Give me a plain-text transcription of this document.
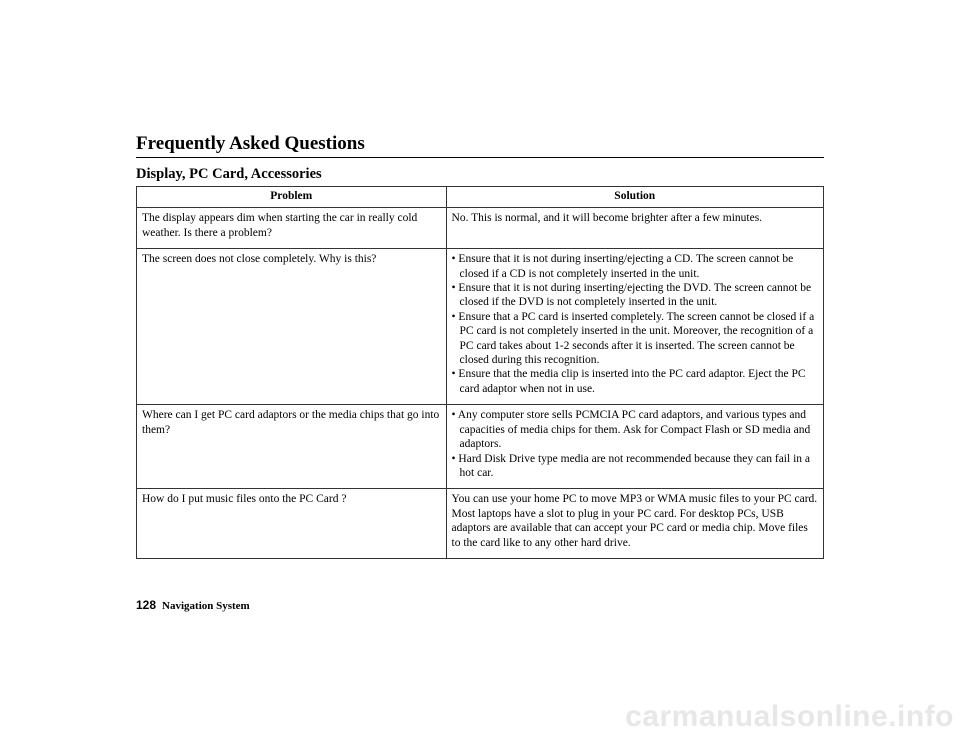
Frequently Asked Questions
Display, PC Card, Accessories
Problem	Solution
The display appears dim when starting the car in really cold weather. Is there a problem?	No. This is normal, and it will become brighter after a few minutes.
The screen does not close completely. Why is this?	• Ensure that it is not during inserting/ejecting a CD. The screen cannot be closed if a CD is not completely inserted in the unit.
• Ensure that it is not during inserting/ejecting the DVD. The screen cannot be closed if the DVD is not completely inserted in the unit.
• Ensure that a PC card is inserted completely. The screen cannot be closed if a PC card is not completely inserted in the unit. Moreover, the recognition of a PC card takes about 1-2 seconds after it is inserted. The screen cannot be closed during this recognition.
• Ensure that the media clip is inserted into the PC card adaptor. Eject the PC card adaptor when not in use.

Where can I get PC card adaptors or the media chips that go into them?	• Any computer store sells PCMCIA PC card adaptors, and various types and capacities of media chips for them. Ask for Compact Flash or SD media and adaptors.
• Hard Disk Drive type media are not recommended because they can fail in a hot car.

How do I put music files onto the PC Card ?	You can use your home PC to move MP3 or WMA music files to your PC card. Most laptops have a slot to plug in your PC card. For desktop PCs, USB adaptors are available that can accept your PC card or media chip. Move files to the card like to any other hard drive.
128 Navigation System
carmanualsonline.info
